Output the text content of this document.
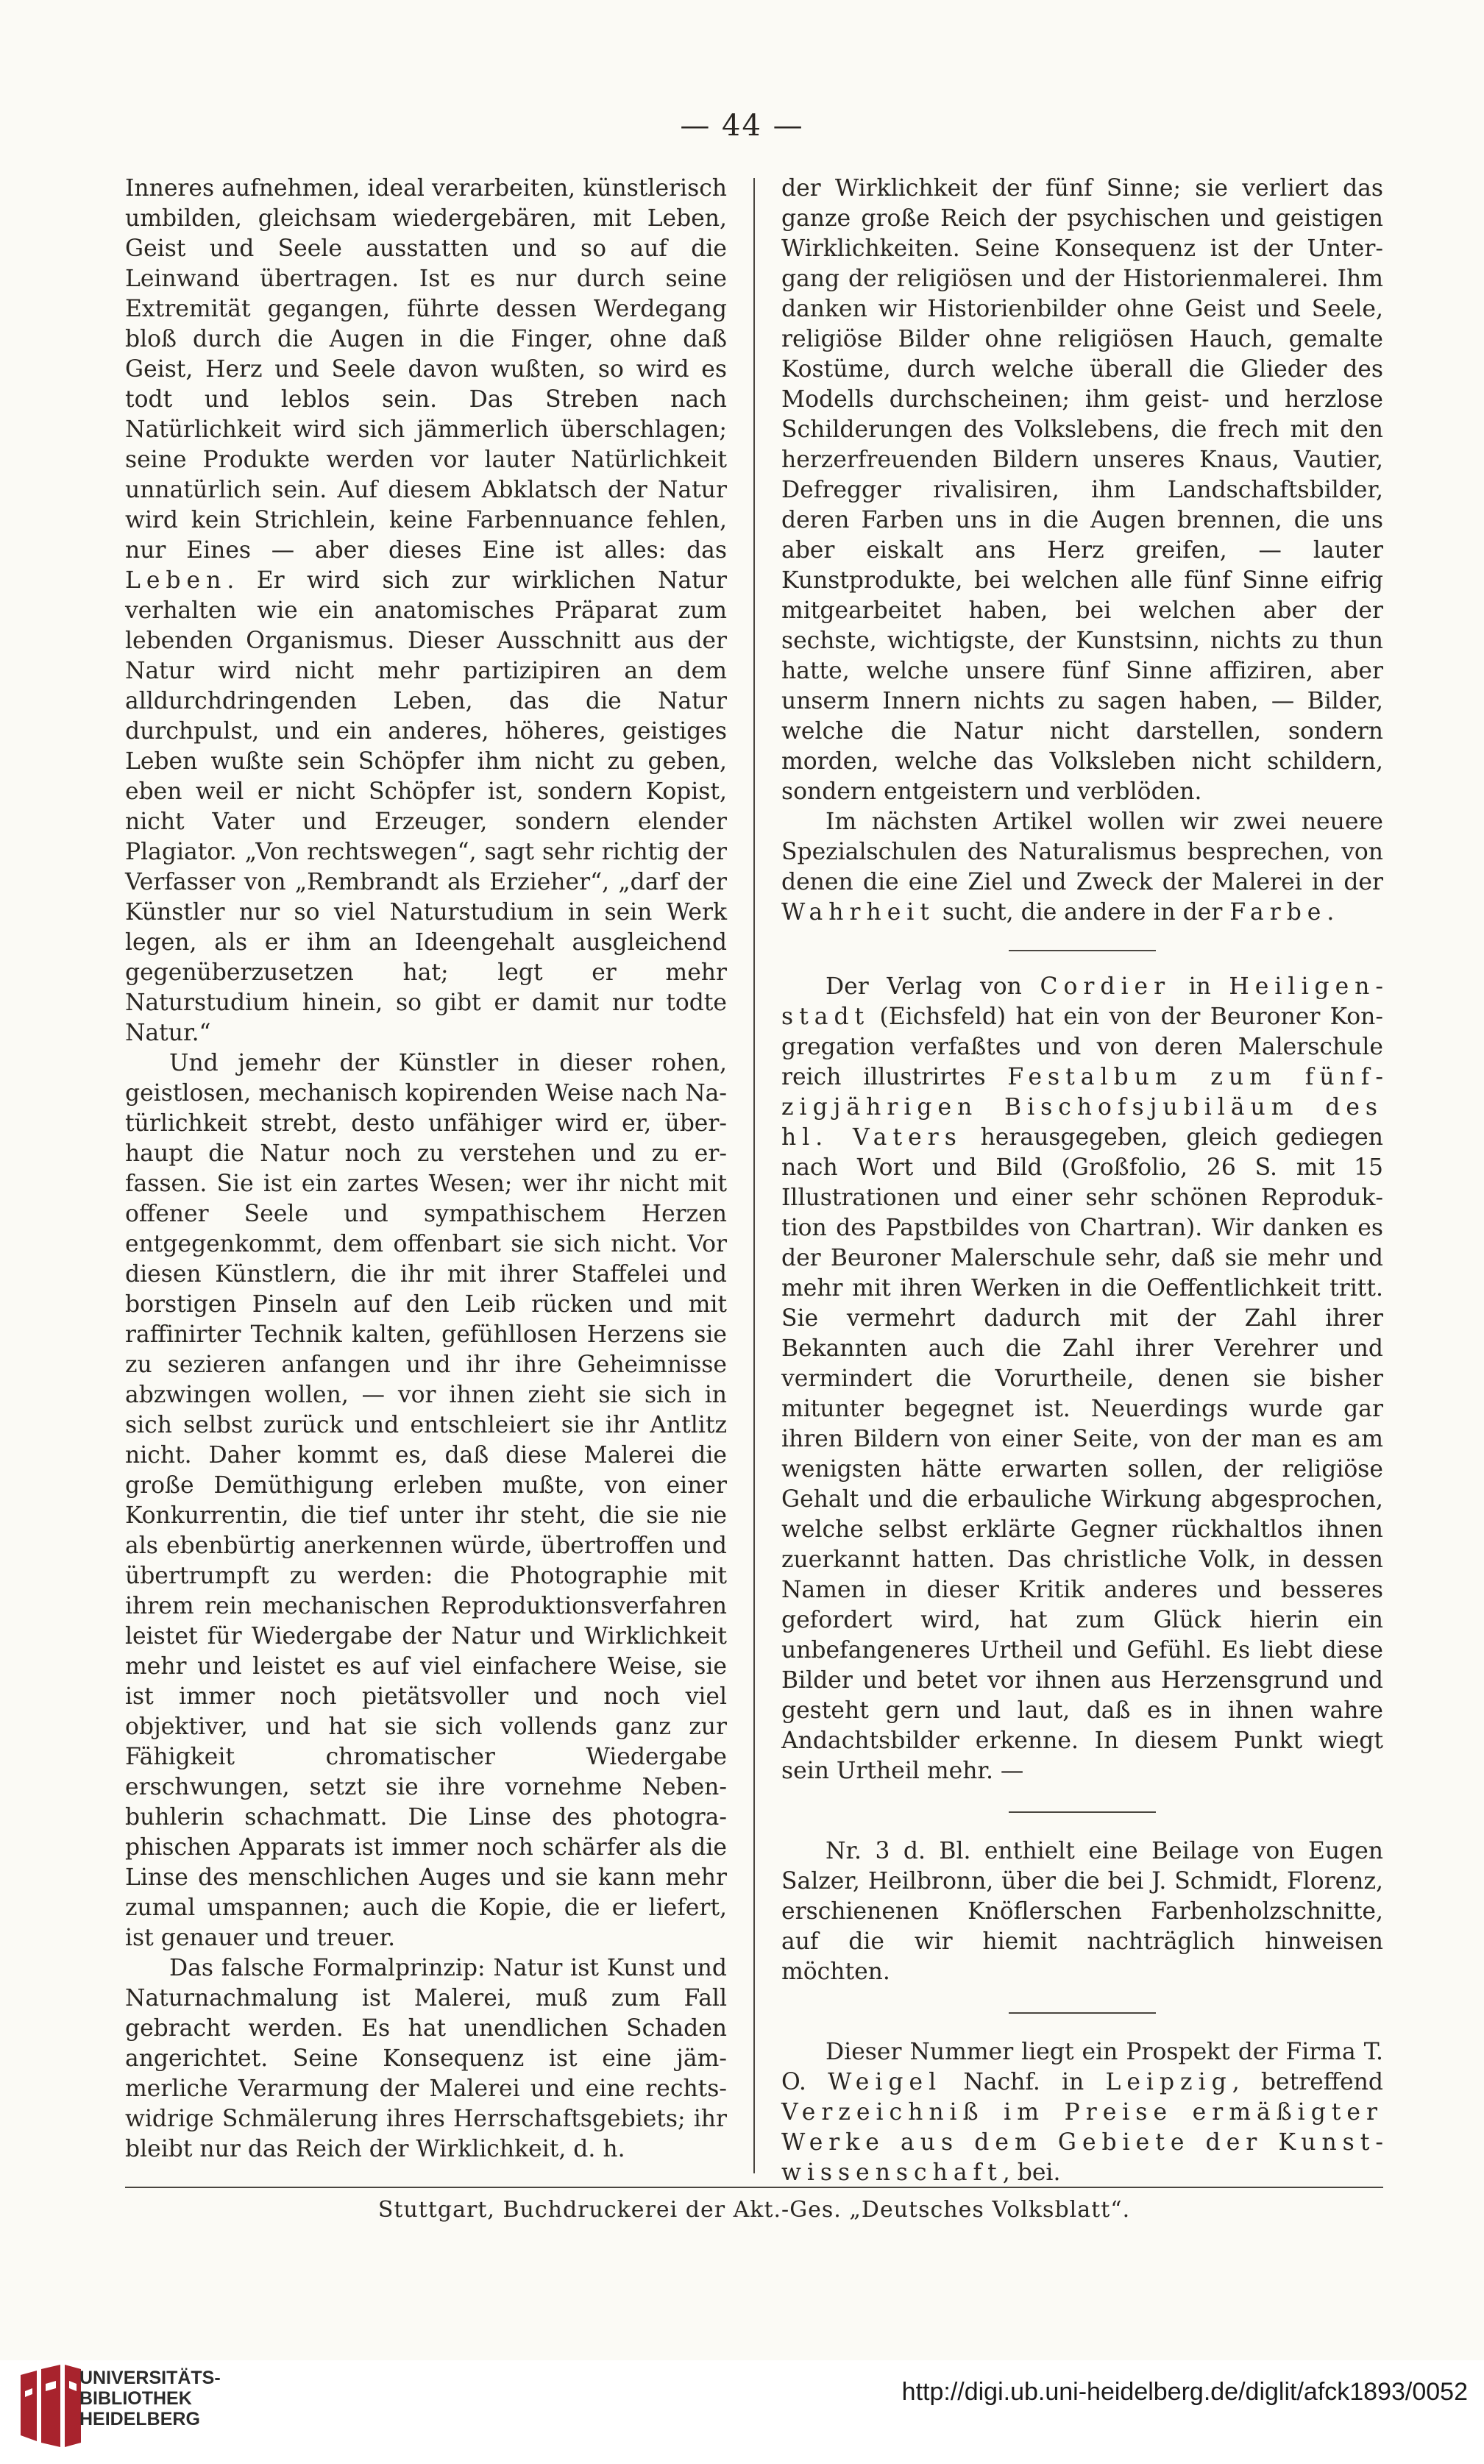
— 44 —

Inneres aufnehmen, ideal verarbeiten, künstlerisch umbilden, gleichsam wiedergebären, mit Leben, Geist und Seele ausstatten und so auf die Leinwand übertragen. Ist es nur durch seine Extremität gegangen, führte dessen Werdegang bloß durch die Augen in die Finger, ohne daß Geist, Herz und Seele davon wußten, so wird es todt und leblos sein. Das Streben nach Natürlichkeit wird sich jämmerlich überschlagen; seine Produkte werden vor lauter Natürlichkeit unnatürlich sein. Auf diesem Abklatsch der Natur wird kein Strichlein, keine Farbennuance fehlen, nur Eines — aber dieses Eine ist alles: das Leben. Er wird sich zur wirklichen Natur verhalten wie ein anatomisches Präparat zum lebenden Organismus. Dieser Ausschnitt aus der Natur wird nicht mehr partizipiren an dem alldurchdringenden Leben, das die Natur durchpulst, und ein anderes, höheres, geistiges Leben wußte sein Schöpfer ihm nicht zu geben, eben weil er nicht Schöpfer ist, sondern Kopist, nicht Vater und Erzeuger, sondern elender Plagiator. „Von rechtswegen“, sagt sehr richtig der Verfasser von „Rembrandt als Erzieher“, „darf der Künstler nur so viel Naturstudium in sein Werk legen, als er ihm an Ideengehalt ausgleichend gegenüberzusetzen hat; legt er mehr Naturstudium hinein, so gibt er damit nur todte Natur.“

Und jemehr der Künstler in dieser rohen, geistlosen, mechanisch kopirenden Weise nach Natürlichkeit strebt, desto unfähiger wird er, überhaupt die Natur noch zu verstehen und zu erfassen. Sie ist ein zartes Wesen; wer ihr nicht mit offener Seele und sympathischem Herzen entgegenkommt, dem offenbart sie sich nicht. Vor diesen Künstlern, die ihr mit ihrer Staffelei und borstigen Pinseln auf den Leib rücken und mit raffinirter Technik kalten, gefühllosen Herzens sie zu sezieren anfangen und ihr ihre Geheimnisse abzwingen wollen, — vor ihnen zieht sie sich in sich selbst zurück und entschleiert sie ihr Antlitz nicht. Daher kommt es, daß diese Malerei die große Demüthigung erleben mußte, von einer Konkurrentin, die tief unter ihr steht, die sie nie als ebenbürtig anerkennen würde, übertroffen und übertrumpft zu werden: die Photographie mit ihrem rein mechanischen Reproduktionsverfahren leistet für Wiedergabe der Natur und Wirklichkeit mehr und leistet es auf viel einfachere Weise, sie ist immer noch pietätsvoller und noch viel objektiver, und hat sie sich vollends ganz zur Fähigkeit chromatischer Wiedergabe erschwungen, setzt sie ihre vornehme Nebenbuhlerin schachmatt. Die Linse des photographischen Apparats ist immer noch schärfer als die Linse des menschlichen Auges und sie kann mehr zumal umspannen; auch die Kopie, die er liefert, ist genauer und treuer.

Das falsche Formalprinzip: Natur ist Kunst und Naturnachmalung ist Malerei, muß zum Fall gebracht werden. Es hat unendlichen Schaden angerichtet. Seine Konsequenz ist eine jämmerliche Verarmung der Malerei und eine rechtswidrige Schmälerung ihres Herrschaftsgebiets; ihr bleibt nur das Reich der Wirklichkeit, d. h.

der Wirklichkeit der fünf Sinne; sie verliert das ganze große Reich der psychischen und geistigen Wirklichkeiten. Seine Konsequenz ist der Untergang der religiösen und der Historienmalerei. Ihm danken wir Historienbilder ohne Geist und Seele, religiöse Bilder ohne religiösen Hauch, gemalte Kostüme, durch welche überall die Glieder des Modells durchscheinen; ihm geist- und herzlose Schilderungen des Volkslebens, die frech mit den herzerfreuenden Bildern unseres Knaus, Vautier, Defregger rivalisiren, ihm Landschaftsbilder, deren Farben uns in die Augen brennen, die uns aber eiskalt ans Herz greifen, — lauter Kunstprodukte, bei welchen alle fünf Sinne eifrig mitgearbeitet haben, bei welchen aber der sechste, wichtigste, der Kunstsinn, nichts zu thun hatte, welche unsere fünf Sinne affiziren, aber unserm Innern nichts zu sagen haben, — Bilder, welche die Natur nicht darstellen, sondern morden, welche das Volksleben nicht schildern, sondern entgeistern und verblöden.

Im nächsten Artikel wollen wir zwei neuere Spezialschulen des Naturalismus besprechen, von denen die eine Ziel und Zweck der Malerei in der Wahrheit sucht, die andere in der Farbe.

Der Verlag von Cordier in Heiligenstadt (Eichsfeld) hat ein von der Beuroner Kongregation verfaßtes und von deren Malerschule reich illustrirtes Festalbum zum fünfzigjährigen Bischofsjubiläum des hl. Vaters herausgegeben, gleich gediegen nach Wort und Bild (Großfolio, 26 S. mit 15 Illustrationen und einer sehr schönen Reproduktion des Papstbildes von Chartran). Wir danken es der Beuroner Malerschule sehr, daß sie mehr und mehr mit ihren Werken in die Oeffentlichkeit tritt. Sie vermehrt dadurch mit der Zahl ihrer Bekannten auch die Zahl ihrer Verehrer und vermindert die Vorurtheile, denen sie bisher mitunter begegnet ist. Neuerdings wurde gar ihren Bildern von einer Seite, von der man es am wenigsten hätte erwarten sollen, der religiöse Gehalt und die erbauliche Wirkung abgesprochen, welche selbst erklärte Gegner rückhaltlos ihnen zuerkannt hatten. Das christliche Volk, in dessen Namen in dieser Kritik anderes und besseres gefordert wird, hat zum Glück hierin ein unbefangeneres Urtheil und Gefühl. Es liebt diese Bilder und betet vor ihnen aus Herzensgrund und gesteht gern und laut, daß es in ihnen wahre Andachtsbilder erkenne. In diesem Punkt wiegt sein Urtheil mehr. —

Nr. 3 d. Bl. enthielt eine Beilage von Eugen Salzer, Heilbronn, über die bei J. Schmidt, Florenz, erschienenen Knöflerschen Farbenholzschnitte, auf die wir hiemit nachträglich hinweisen möchten.

Dieser Nummer liegt ein Prospekt der Firma T. O. Weigel Nachf. in Leipzig, betreffend Verzeichniß im Preise ermäßigter Werke aus dem Gebiete der Kunstwissenschaft, bei.

Stuttgart, Buchdruckerei der Akt.-Ges. „Deutsches Volksblatt“.
UNIVERSITÄTS-
BIBLIOTHEK
HEIDELBERG
http://digi.ub.uni-heidelberg.de/diglit/afck1893/0052
